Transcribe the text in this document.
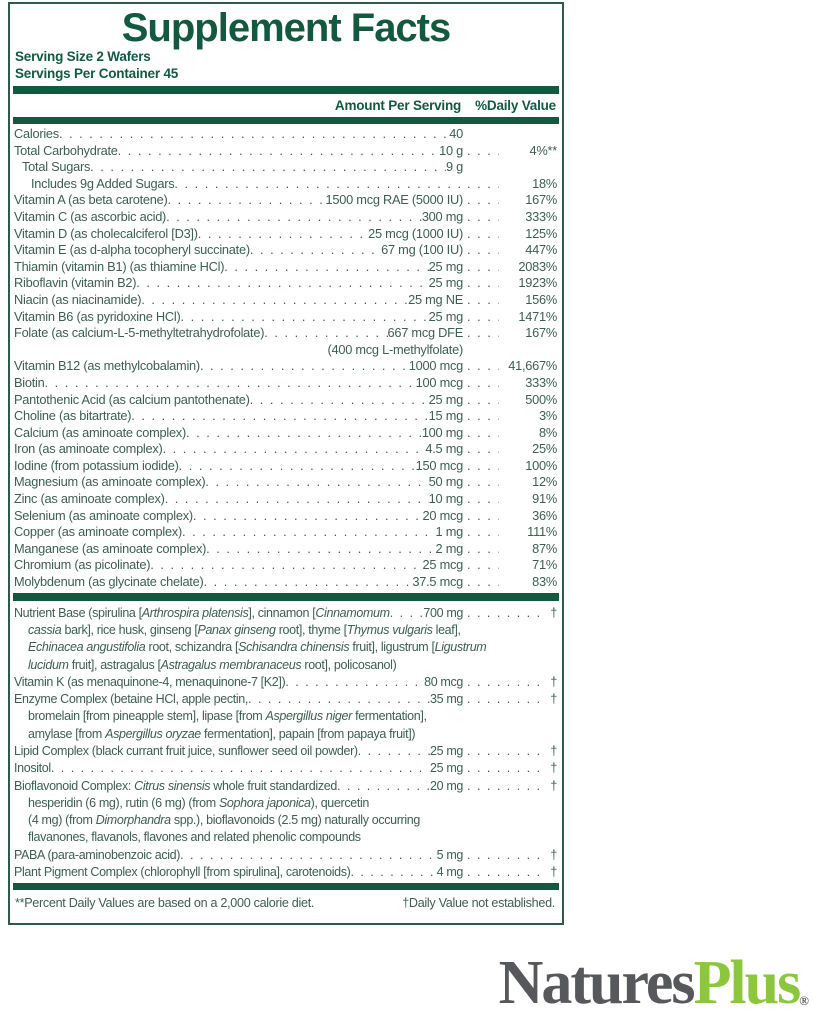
Supplement Facts
Serving Size 2 Wafers
Servings Per Container 45
Amount Per Serving %Daily Value
Calories . . .	40
Total Carbohydrate . . .	10 g . . .	4%**
Total Sugars . . .	9 g
Includes 9g Added Sugars . . . . . .	18%
Vitamin A (as beta carotene) . . .	1500 mcg RAE (5000 IU) . . .	167%
Vitamin C (as ascorbic acid) . . .	300 mg . . .	333%
Vitamin D (as cholecalciferol [D3]) . . .	25 mcg (1000 IU) . . .	125%
Vitamin E (as d-alpha tocopheryl succinate) . . .	67 mg (100 IU) . . .	447%
Thiamin (vitamin B1) (as thiamine HCl) . . .	25 mg . . .	2083%
Riboflavin (vitamin B2) . . .	25 mg . . .	1923%
Niacin (as niacinamide) . . .	25 mg NE . . .	156%
Vitamin B6 (as pyridoxine HCl) . . .	25 mg . . .	1471%
Folate (as calcium-L-5-methyltetrahydrofolate) . . .	667 mcg DFE . . .	167%
(400 mcg L-methylfolate)
Vitamin B12 (as methylcobalamin) . . .	1000 mcg . . .	41,667%
Biotin . . .	100 mcg . . .	333%
Pantothenic Acid (as calcium pantothenate) . . .	25 mg . . .	500%
Choline (as bitartrate) . . .	15 mg . . .	3%
Calcium (as aminoate complex) . . .	100 mg . . .	8%
Iron (as aminoate complex) . . .	4.5 mg . . .	25%
Iodine (from potassium iodide) . . .	150 mcg . . .	100%
Magnesium (as aminoate complex) . . .	50 mg . . .	12%
Zinc (as aminoate complex) . . .	10 mg . . .	91%
Selenium (as aminoate complex) . . .	20 mcg . . .	36%
Copper (as aminoate complex) . . .	1 mg . . .	111%
Manganese (as aminoate complex) . . .	2 mg . . .	87%
Chromium (as picolinate) . . .	25 mcg . . .	71%
Molybdenum (as glycinate chelate) . . .	37.5 mcg . . .	83%
Nutrient Base (spirulina [Arthrospira platensis], cinnamon [Cinnamomum . . .	700 mg . . .	†
cassia bark], rice husk, ginseng [Panax ginseng root], thyme [Thymus vulgaris leaf],
Echinacea angustifolia root, schizandra [Schisandra chinensis fruit], ligustrum [Ligustrum
lucidum fruit], astragalus [Astragalus membranaceus root], policosanol)
Vitamin K (as menaquinone-4, menaquinone-7 [K2]) . . .	80 mcg . . .	†
Enzyme Complex (betaine HCl, apple pectin, . . .	35 mg . . .	†
bromelain [from pineapple stem], lipase [from Aspergillus niger fermentation],
amylase [from Aspergillus oryzae fermentation], papain [from papaya fruit])
Lipid Complex (black currant fruit juice, sunflower seed oil powder) . . .	25 mg . . .	†
Inositol . . .	25 mg . . .	†
Bioflavonoid Complex: Citrus sinensis whole fruit standardized . . .	20 mg . . .	†
hesperidin (6 mg), rutin (6 mg) (from Sophora japonica), quercetin
(4 mg) (from Dimorphandra spp.), bioflavonoids (2.5 mg) naturally occurring
flavanones, flavanols, flavones and related phenolic compounds
PABA (para-aminobenzoic acid) . . .	5 mg . . .	†
Plant Pigment Complex (chlorophyll [from spirulina], carotenoids) . . .	4 mg . . .	†
**Percent Daily Values are based on a 2,000 calorie diet.	†Daily Value not established.
NaturesPlus®
